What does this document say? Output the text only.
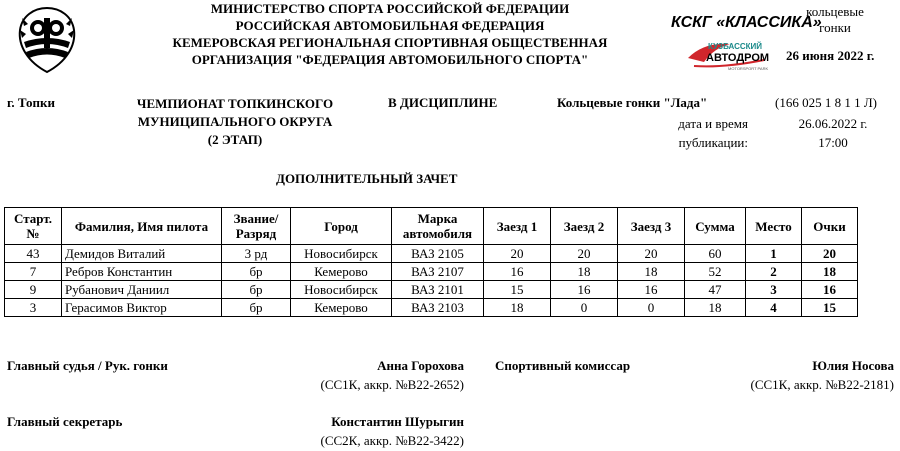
МИНИСТЕРСТВО СПОРТА РОССИЙСКОЙ ФЕДЕРАЦИИ
РОССИЙСКАЯ АВТОМОБИЛЬНАЯ ФЕДЕРАЦИЯ
КЕМЕРОВСКАЯ РЕГИОНАЛЬНАЯ СПОРТИВНАЯ ОБЩЕСТВЕННАЯ
ОРГАНИЗАЦИЯ "ФЕДЕРАЦИЯ АВТОМОБИЛЬНОГО СПОРТА"
КСКГ «КЛАССИКА»
КУЗБАССКИЙ
АВТОДРОМ
MOTORSPORT PARK
кольцевые
гонки
26 июня 2022 г.
г. Топки	ЧЕМПИОНАТ ТОПКИНСКОГО
МУНИЦИПАЛЬНОГО ОКРУГА
(2 ЭТАП)
В ДИСЦИПЛИНЕ	Кольцевые гонки "Лада"	(166 025 1 8 1 1 Л)
дата и время
публикации:
26.06.2022 г.
17:00
ДОПОЛНИТЕЛЬНЫЙ ЗАЧЕТ
Старт.
№	Фамилия, Имя пилота	Звание/
Разряд	Город	Марка
автомобиля	Заезд 1	Заезд 2	Заезд 3	Сумма	Место	Очки
43	Демидов Виталий	3 рд	Новосибирск	ВАЗ 2105	20	20	20	60	1	20
7	Ребров Константин	бр	Кемерово	ВАЗ 2107	16	18	18	52	2	18
9	Рубанович Даниил	бр	Новосибирск	ВАЗ 2101	15	16	16	47	3	16
3	Герасимов Виктор	бр	Кемерово	ВАЗ 2103	18	0	0	18	4	15
Главный судья / Рук. гонки	Анна Горохова
(СС1К, аккр. №В22-2652)
Спортивный комиссар	Юлия Носова
(СС1К, аккр. №В22-2181)
Главный секретарь	Константин Шурыгин
(СС2К, аккр. №В22-3422)
